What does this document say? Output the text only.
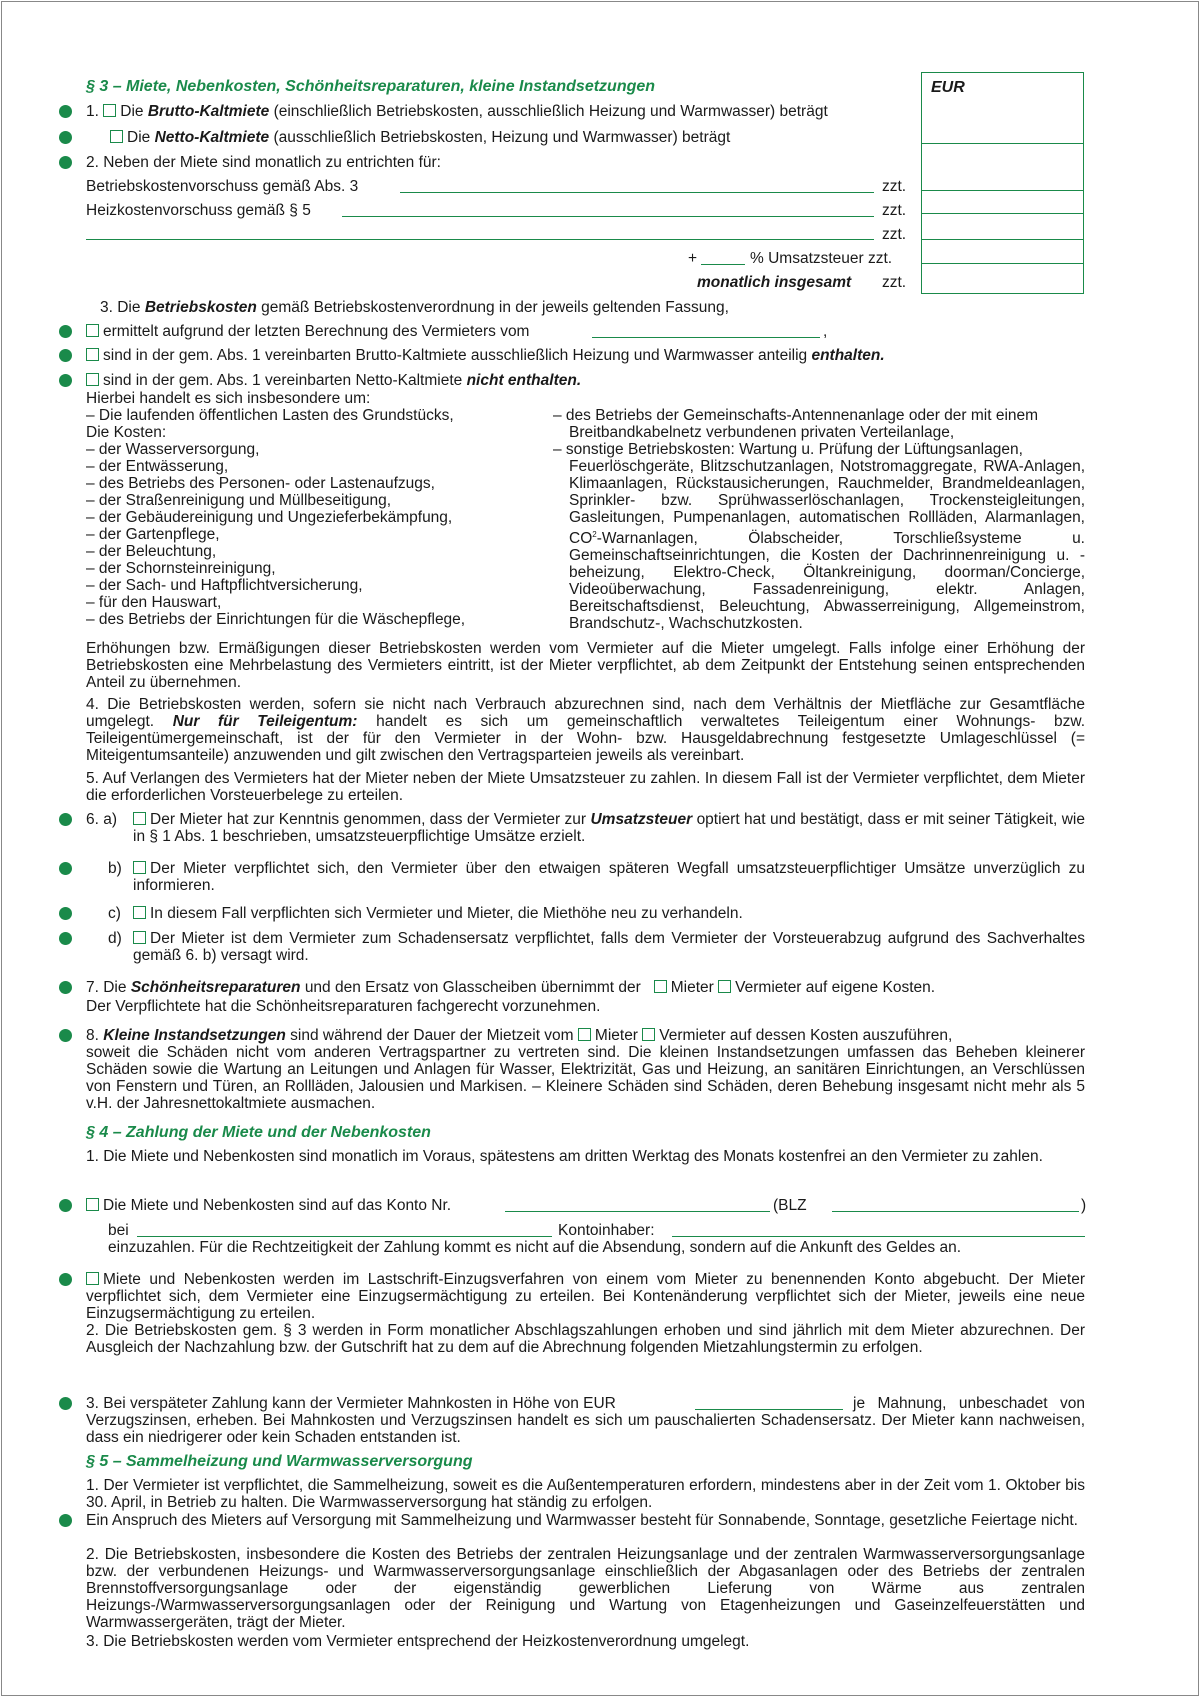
§ 3 – Miete, Nebenkosten, Schönheitsreparaturen, kleine Instandsetzungen	EUR
1. Die Brutto-Kaltmiete (einschließlich Betriebskosten, ausschließlich Heizung und Warmwasser) beträgt
Die Netto-Kaltmiete (ausschließlich Betriebskosten, Heizung und Warmwasser) beträgt
2. Neben der Miete sind monatlich zu entrichten für:
Betriebskostenvorschuss gemäß Abs. 3	zzt.
Heizkostenvorschuss gemäß § 5	zzt.
zzt.
+	% Umsatzsteuer zzt.
monatlich insgesamt zzt.
3. Die Betriebskosten gemäß Betriebskostenverordnung in der jeweils geltenden Fassung,
ermittelt aufgrund der letzten Berechnung des Vermieters vom	,
sind in der gem. Abs. 1 vereinbarten Brutto-Kaltmiete ausschließlich Heizung und Warmwasser anteilig enthalten.
sind in der gem. Abs. 1 vereinbarten Netto-Kaltmiete nicht enthalten.
Hierbei handelt es sich insbesondere um:
– Die laufenden öffentlichen Lasten des Grundstücks,
Die Kosten:
– der Wasserversorgung,
– der Entwässerung,
– des Betriebs des Personen- oder Lastenaufzugs,
– der Straßenreinigung und Müllbeseitigung,
– der Gebäudereinigung und Ungezieferbekämpfung,
– der Gartenpflege,
– der Beleuchtung,
– der Schornsteinreinigung,
– der Sach- und Haftpflichtversicherung,
– für den Hauswart,
– des Betriebs der Einrichtungen für die Wäschepflege,
– des Betriebs der Gemeinschafts-Antennenanlage oder der mit einem
Breitbandkabelnetz verbundenen privaten Verteilanlage,
– sonstige Betriebskosten: Wartung u. Prüfung der Lüftungsanlagen,
Feuerlöschgeräte, Blitzschutzanlagen, Notstromaggregate, RWA-Anlagen, Klimaanlagen, Rückstausicherungen, Rauchmelder, Brandmeldeanlagen, Sprinkler- bzw. Sprühwasserlöschanlagen, Trockensteigleitungen, Gasleitungen, Pumpenanlagen, automatischen Rollläden, Alarmanlagen, $CO^2$-Warnanlagen, Ölabscheider, Torschließsysteme u. Gemeinschaftseinrichtungen, die Kosten der Dachrinnenreinigung u. -beheizung, Elektro-Check, Öltankreinigung, doorman/Concierge, Videoüberwachung, Fassadenreinigung, elektr. Anlagen, Bereitschaftsdienst, Beleuchtung, Abwasserreinigung, Allgemeinstrom, Brandschutz-, Wachschutzkosten.
Erhöhungen bzw. Ermäßigungen dieser Betriebskosten werden vom Vermieter auf die Mieter umgelegt. Falls infolge einer Erhöhung der Betriebskosten eine Mehrbelastung des Vermieters eintritt, ist der Mieter verpflichtet, ab dem Zeitpunkt der Entstehung seinen entsprechenden Anteil zu übernehmen.
4. Die Betriebskosten werden, sofern sie nicht nach Verbrauch abzurechnen sind, nach dem Verhältnis der Mietfläche zur Gesamtfläche umgelegt. Nur für Teileigentum: handelt es sich um gemeinschaftlich verwaltetes Teileigentum einer Wohnungs- bzw. Teileigentümergemeinschaft, ist der für den Vermieter in der Wohn- bzw. Hausgeldabrechnung festgesetzte Umlageschlüssel (= Miteigentumsanteile) anzuwenden und gilt zwischen den Vertragsparteien jeweils als vereinbart.
5. Auf Verlangen des Vermieters hat der Mieter neben der Miete Umsatzsteuer zu zahlen. In diesem Fall ist der Vermieter verpflichtet, dem Mieter die erforderlichen Vorsteuerbelege zu erteilen.
6. a)	Der Mieter hat zur Kenntnis genommen, dass der Vermieter zur Umsatzsteuer optiert hat und bestätigt, dass er mit seiner Tätigkeit, wie in § 1 Abs. 1 beschrieben, umsatzsteuerpflichtige Umsätze erzielt.
b)	Der Mieter verpflichtet sich, den Vermieter über den etwaigen späteren Wegfall umsatzsteuerpflichtiger Umsätze unverzüglich zu informieren.
c)	In diesem Fall verpflichten sich Vermieter und Mieter, die Miethöhe neu zu verhandeln.
d)	Der Mieter ist dem Vermieter zum Schadensersatz verpflichtet, falls dem Vermieter der Vorsteuerabzug aufgrund des Sachverhaltes gemäß 6. b) versagt wird.
7. Die Schönheitsreparaturen und den Ersatz von Glasscheiben übernimmt der Mieter Vermieter auf eigene Kosten.
Der Verpflichtete hat die Schönheitsreparaturen fachgerecht vorzunehmen.
8. Kleine Instandsetzungen sind während der Dauer der Mietzeit vom Mieter Vermieter auf dessen Kosten auszuführen,
soweit die Schäden nicht vom anderen Vertragspartner zu vertreten sind. Die kleinen Instandsetzungen umfassen das Beheben kleinerer Schäden sowie die Wartung an Leitungen und Anlagen für Wasser, Elektrizität, Gas und Heizung, an sanitären Einrichtungen, an Verschlüssen von Fenstern und Türen, an Rollläden, Jalousien und Markisen. – Kleinere Schäden sind Schäden, deren Behebung insgesamt nicht mehr als 5 v.H. der Jahresnettokaltmiete ausmachen.
§ 4 – Zahlung der Miete und der Nebenkosten
1. Die Miete und Nebenkosten sind monatlich im Voraus, spätestens am dritten Werktag des Monats kostenfrei an den Vermieter zu zahlen.
Die Miete und Nebenkosten sind auf das Konto Nr.	(BLZ	)
bei	Kontoinhaber:
einzuzahlen. Für die Rechtzeitigkeit der Zahlung kommt es nicht auf die Absendung, sondern auf die Ankunft des Geldes an.
Miete und Nebenkosten werden im Lastschrift-Einzugsverfahren von einem vom Mieter zu benennenden Konto abgebucht. Der Mieter verpflichtet sich, dem Vermieter eine Einzugsermächtigung zu erteilen. Bei Kontenänderung verpflichtet sich der Mieter, jeweils eine neue Einzugsermächtigung zu erteilen.
2. Die Betriebskosten gem. § 3 werden in Form monatlicher Abschlagszahlungen erhoben und sind jährlich mit dem Mieter abzurechnen. Der Ausgleich der Nachzahlung bzw. der Gutschrift hat zu dem auf die Abrechnung folgenden Mietzahlungstermin zu erfolgen.
3. Bei verspäteter Zahlung kann der Vermieter Mahnkosten in Höhe von EUR	je Mahnung, unbeschadet von
Verzugszinsen, erheben. Bei Mahnkosten und Verzugszinsen handelt es sich um pauschalierten Schadensersatz. Der Mieter kann nachweisen, dass ein niedrigerer oder kein Schaden entstanden ist.
§ 5 – Sammelheizung und Warmwasserversorgung
1. Der Vermieter ist verpflichtet, die Sammelheizung, soweit es die Außentemperaturen erfordern, mindestens aber in der Zeit vom 1. Oktober bis 30. April, in Betrieb zu halten. Die Warmwasserversorgung hat ständig zu erfolgen.
Ein Anspruch des Mieters auf Versorgung mit Sammelheizung und Warmwasser besteht für Sonnabende, Sonntage, gesetzliche Feiertage nicht.
2. Die Betriebskosten, insbesondere die Kosten des Betriebs der zentralen Heizungsanlage und der zentralen Warmwasserversorgungsanlage bzw. der verbundenen Heizungs- und Warmwasserversorgungsanlage einschließlich der Abgasanlagen oder des Betriebs der zentralen Brennstoffversorgungsanlage oder der eigenständig gewerblichen Lieferung von Wärme aus zentralen Heizungs-/Warmwasserversorgungsanlagen oder der Reinigung und Wartung von Etagenheizungen und Gaseinzelfeuerstätten und Warmwassergeräten, trägt der Mieter.
3. Die Betriebskosten werden vom Vermieter entsprechend der Heizkostenverordnung umgelegt.
